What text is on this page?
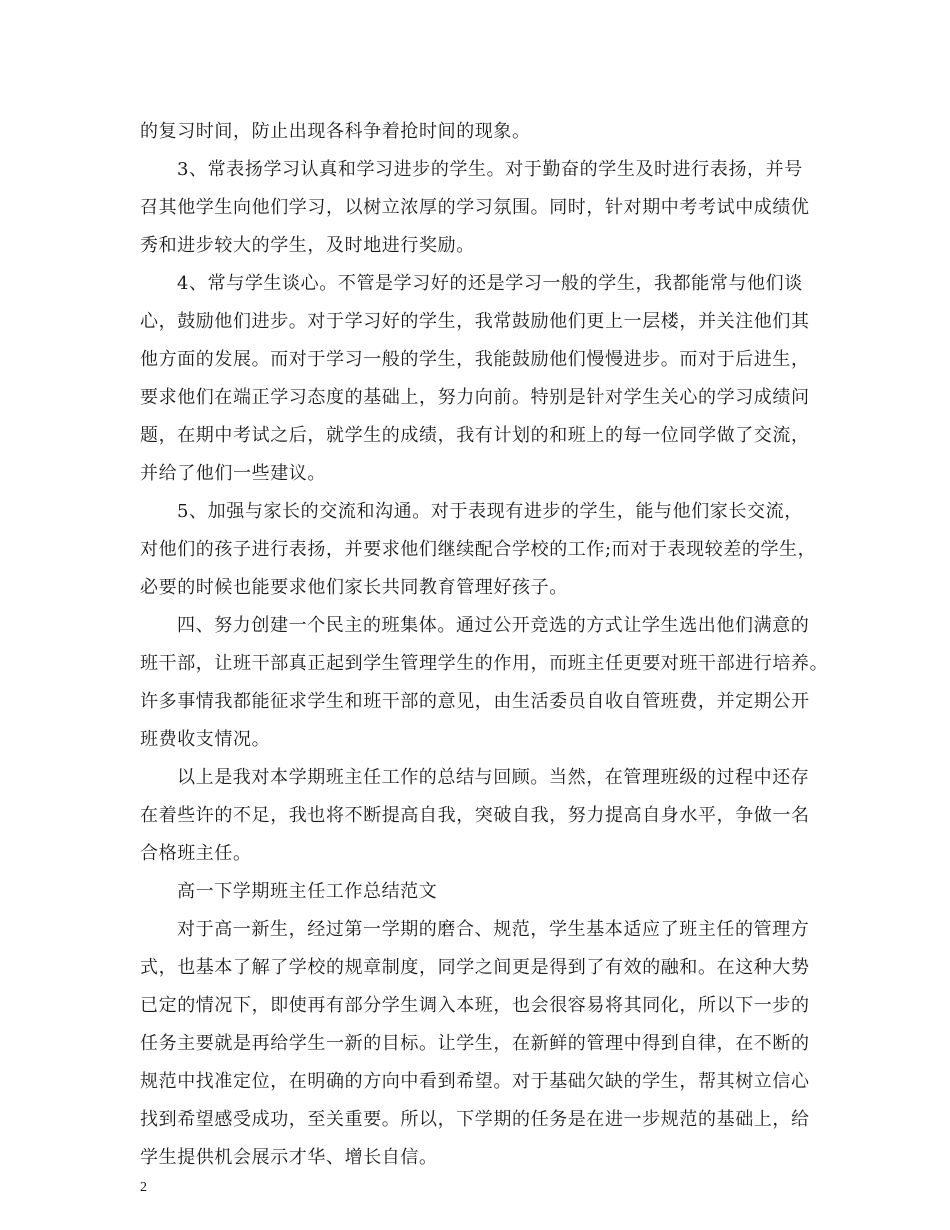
的复习时间，防止出现各科争着抢时间的现象。
3、常表扬学习认真和学习进步的学生。对于勤奋的学生及时进行表扬，并号
召其他学生向他们学习，以树立浓厚的学习氛围。同时，针对期中考考试中成绩优
秀和进步较大的学生，及时地进行奖励。
4、常与学生谈心。不管是学习好的还是学习一般的学生，我都能常与他们谈
心，鼓励他们进步。对于学习好的学生，我常鼓励他们更上一层楼，并关注他们其
他方面的发展。而对于学习一般的学生，我能鼓励他们慢慢进步。而对于后进生，
要求他们在端正学习态度的基础上，努力向前。特别是针对学生关心的学习成绩问
题，在期中考试之后，就学生的成绩，我有计划的和班上的每一位同学做了交流，
并给了他们一些建议。
5、加强与家长的交流和沟通。对于表现有进步的学生，能与他们家长交流，
对他们的孩子进行表扬，并要求他们继续配合学校的工作;而对于表现较差的学生，
必要的时候也能要求他们家长共同教育管理好孩子。
四、努力创建一个民主的班集体。通过公开竞选的方式让学生选出他们满意的
班干部，让班干部真正起到学生管理学生的作用，而班主任更要对班干部进行培养。
许多事情我都能征求学生和班干部的意见，由生活委员自收自管班费，并定期公开
班费收支情况。
以上是我对本学期班主任工作的总结与回顾。当然，在管理班级的过程中还存
在着些许的不足，我也将不断提高自我，突破自我，努力提高自身水平，争做一名
合格班主任。
高一下学期班主任工作总结范文
对于高一新生，经过第一学期的磨合、规范，学生基本适应了班主任的管理方
式，也基本了解了学校的规章制度，同学之间更是得到了有效的融和。在这种大势
已定的情况下，即使再有部分学生调入本班，也会很容易将其同化，所以下一步的
任务主要就是再给学生一新的目标。让学生，在新鲜的管理中得到自律，在不断的
规范中找准定位，在明确的方向中看到希望。对于基础欠缺的学生，帮其树立信心
找到希望感受成功，至关重要。所以，下学期的任务是在进一步规范的基础上，给
学生提供机会展示才华、增长自信。
2
